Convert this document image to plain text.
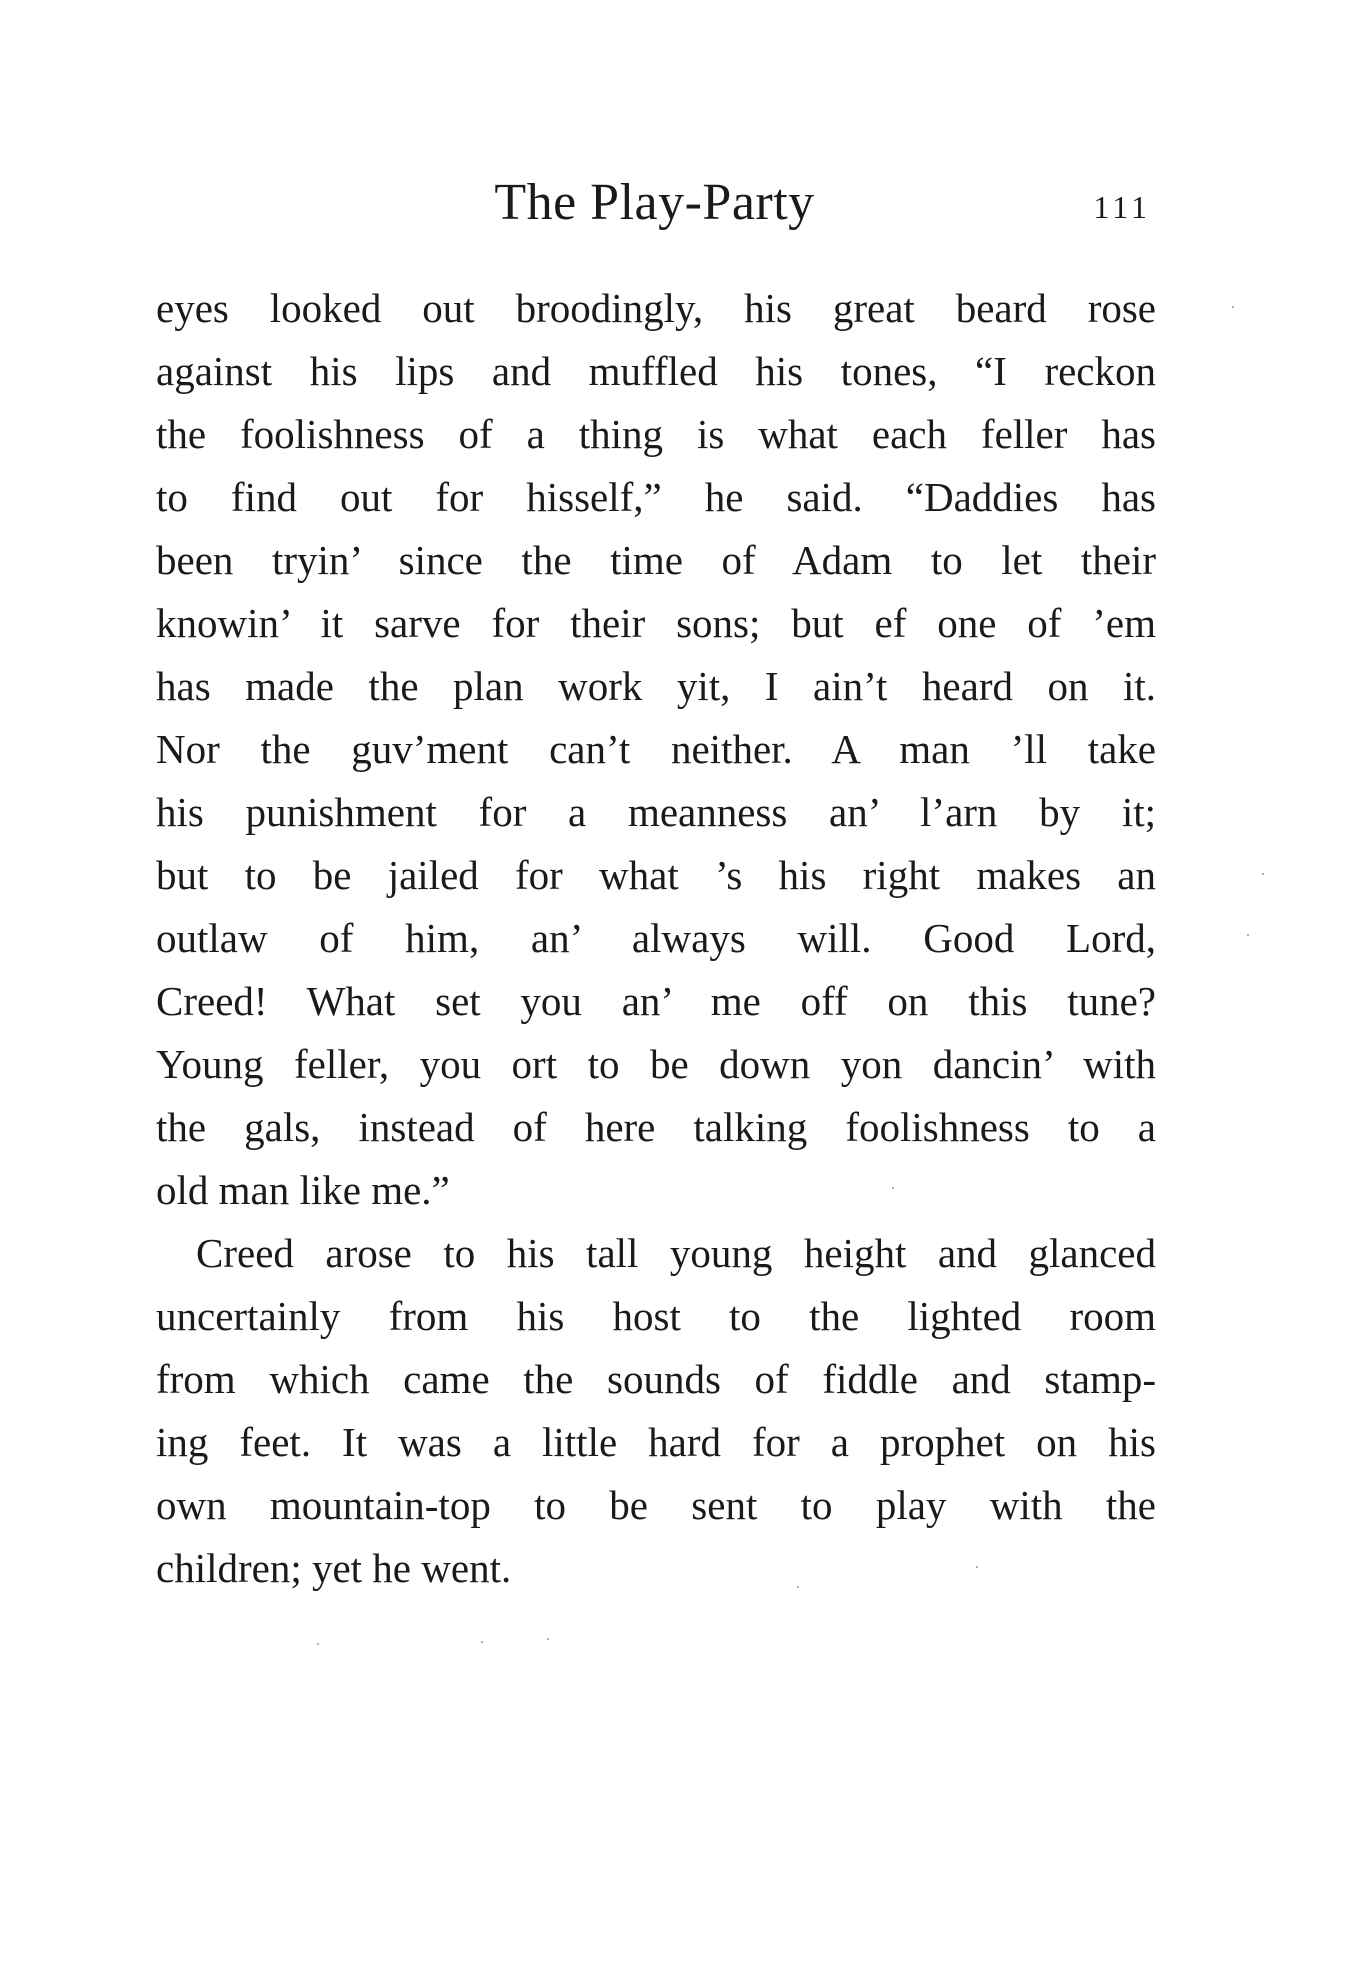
The Play-Party	111
eyes looked out broodingly, his great beard rose
against his lips and muffled his tones, “I reckon
the foolishness of a thing is what each feller has
to find out for hisself,” he said. “Daddies has
been tryin’ since the time of Adam to let their
knowin’ it sarve for their sons; but ef one of ’em
has made the plan work yit, I ain’t heard on it.
Nor the guv’ment can’t neither. A man ’ll take
his punishment for a meanness an’ l’arn by it;
but to be jailed for what ’s his right makes an
outlaw of him, an’ always will. Good Lord,
Creed! What set you an’ me off on this tune?
Young feller, you ort to be down yon dancin’ with
the gals, instead of here talking foolishness to a
old man like me.”
Creed arose to his tall young height and glanced
uncertainly from his host to the lighted room
from which came the sounds of fiddle and stamp-
ing feet. It was a little hard for a prophet on his
own mountain-top to be sent to play with the
children; yet he went.
